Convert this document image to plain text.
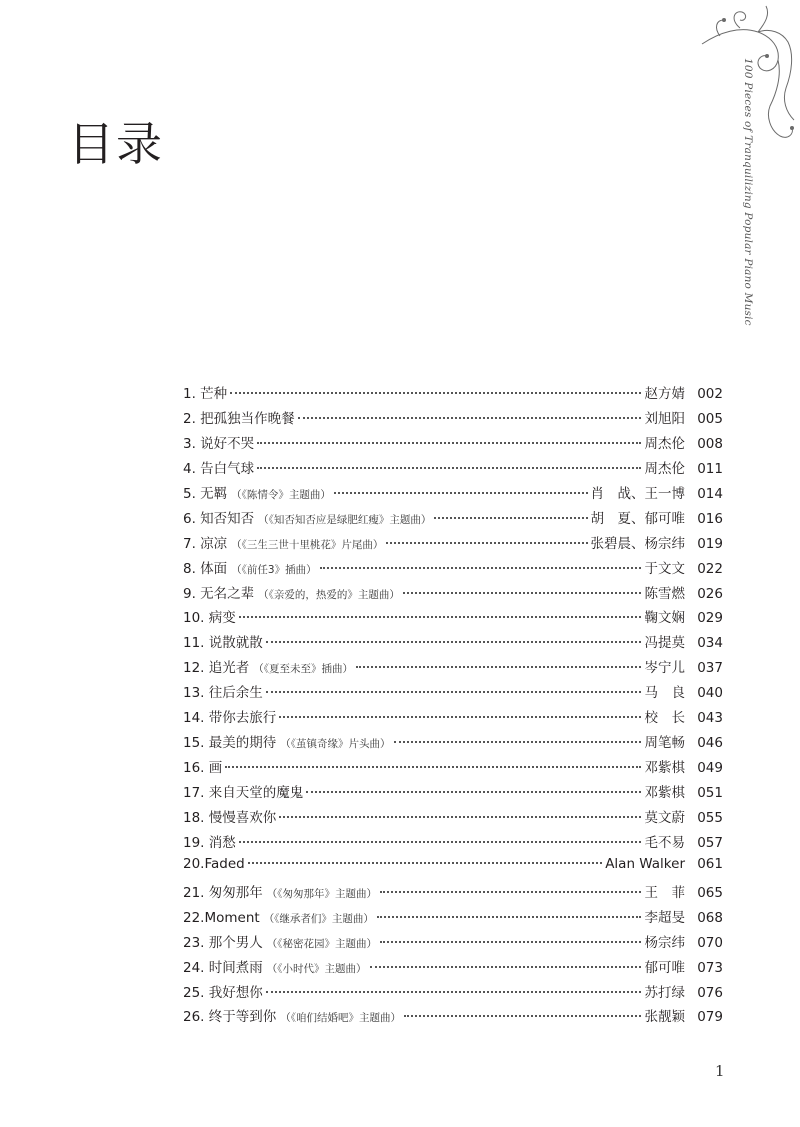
100 Pieces of Tranquilizing Popular Piano Music
目录
1. 芒种	赵方婧 002
2. 把孤独当作晚餐	刘旭阳 005
3. 说好不哭	周杰伦 008
4. 告白气球	周杰伦 011
5. 无羁 （《陈情令》主题曲）	肖　战、王一博 014
6. 知否知否 （《知否知否应是绿肥红瘦》主题曲）	胡　夏、郁可唯 016
7. 凉凉 （《三生三世十里桃花》片尾曲）	张碧晨、杨宗纬 019
8. 体面 （《前任3》插曲）	于文文 022
9. 无名之辈 （《亲爱的，热爱的》主题曲）	陈雪燃 026
10. 病变	鞠文娴 029
11. 说散就散	冯提莫 034
12. 追光者 （《夏至未至》插曲）	岑宁儿 037
13. 往后余生	马　良 040
14. 带你去旅行	校　长 043
15. 最美的期待 （《茧镇奇缘》片头曲）	周笔畅 046
16. 画	邓紫棋 049
17. 来自天堂的魔鬼	邓紫棋 051
18. 慢慢喜欢你	莫文蔚 055
19. 消愁	毛不易 057
20.Faded	Alan Walker 061
21. 匆匆那年 （《匆匆那年》主题曲）	王　菲 065
22.Moment （《继承者们》主题曲）	李超旻 068
23. 那个男人 （《秘密花园》主题曲）	杨宗纬 070
24. 时间煮雨 （《小时代》主题曲）	郁可唯 073
25. 我好想你	苏打绿 076
26. 终于等到你 （《咱们结婚吧》主题曲）	张靓颖 079
1
